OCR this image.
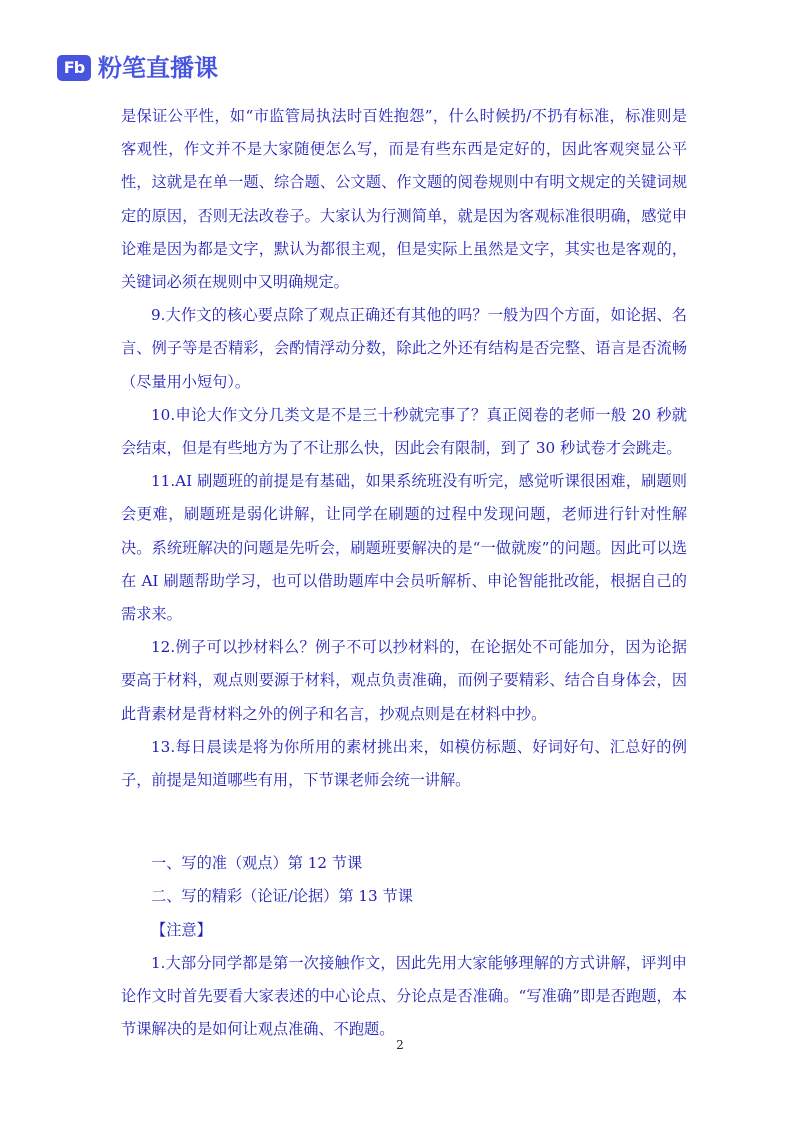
Fb 粉笔直播课

是保证公平性，如“市监管局执法时百姓抱怨”，什么时候扔/不扔有标准，标准则是客观性，作文并不是大家随便怎么写，而是有些东西是定好的，因此客观突显公平性，这就是在单一题、综合题、公文题、作文题的阅卷规则中有明文规定的关键词规定的原因，否则无法改卷子。大家认为行测简单，就是因为客观标准很明确，感觉申论难是因为都是文字，默认为都很主观，但是实际上虽然是文字，其实也是客观的，关键词必须在规则中又明确规定。

9.大作文的核心要点除了观点正确还有其他的吗？一般为四个方面，如论据、名言、例子等是否精彩，会酌情浮动分数，除此之外还有结构是否完整、语言是否流畅（尽量用小短句）。

10.申论大作文分几类文是不是三十秒就完事了？真正阅卷的老师一般 20 秒就会结束，但是有些地方为了不让那么快，因此会有限制，到了 30 秒试卷才会跳走。

11.AI 刷题班的前提是有基础，如果系统班没有听完，感觉听课很困难，刷题则会更难，刷题班是弱化讲解，让同学在刷题的过程中发现问题，老师进行针对性解决。系统班解决的问题是先听会，刷题班要解决的是“一做就废”的问题。因此可以选在 AI 刷题帮助学习，也可以借助题库中会员听解析、申论智能批改能，根据自己的需求来。

12.例子可以抄材料么？例子不可以抄材料的，在论据处不可能加分，因为论据要高于材料，观点则要源于材料，观点负责准确，而例子要精彩、结合自身体会，因此背素材是背材料之外的例子和名言，抄观点则是在材料中抄。

13.每日晨读是将为你所用的素材挑出来，如模仿标题、好词好句、汇总好的例子，前提是知道哪些有用，下节课老师会统一讲解。

一、写的准（观点）第 12 节课

二、写的精彩（论证/论据）第 13 节课

【注意】

1.大部分同学都是第一次接触作文，因此先用大家能够理解的方式讲解，评判申论作文时首先要看大家表述的中心论点、分论点是否准确。“写准确”即是否跑题，本节课解决的是如何让观点准确、不跑题。

2
